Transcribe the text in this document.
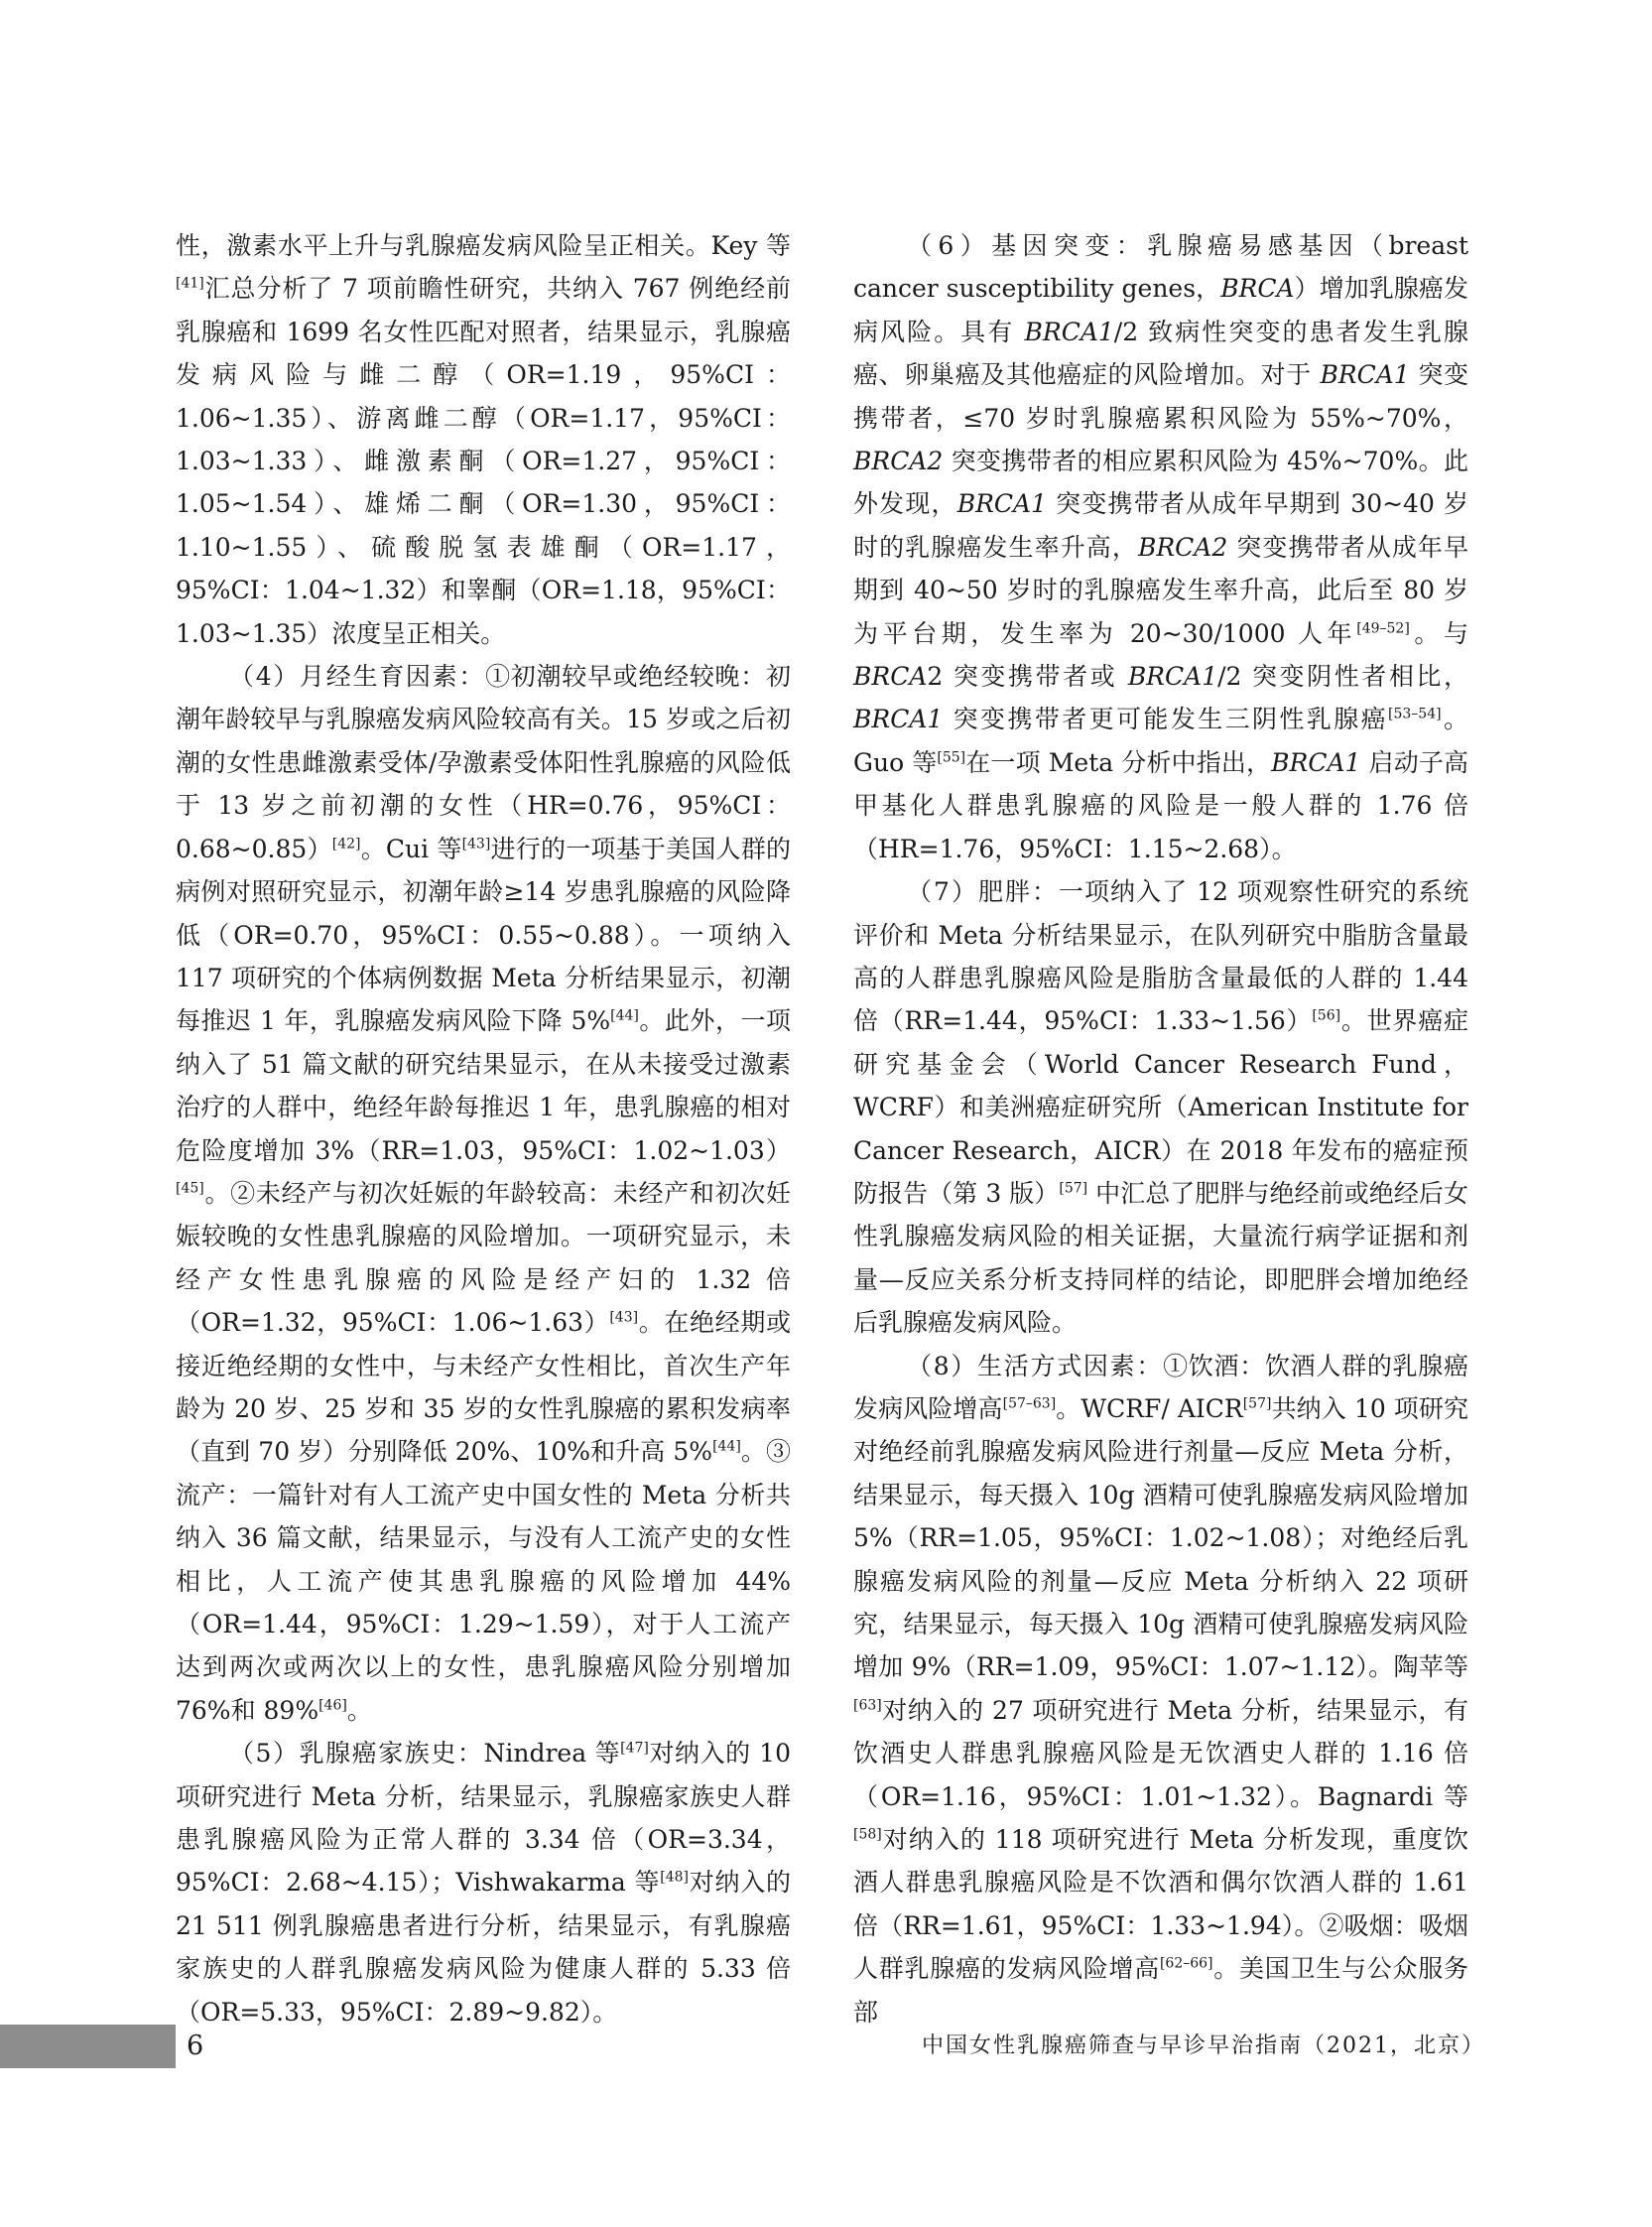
性，激素水平上升与乳腺癌发病风险呈正相关。Key 等[41]汇总分析了 7 项前瞻性研究，共纳入 767 例绝经前乳腺癌和 1699 名女性匹配对照者，结果显示，乳腺癌发病风险与雌二醇（OR=1.19，95%CI：1.06~1.35）、游离雌二醇（OR=1.17，95%CI：1.03~1.33）、雌激素酮（OR=1.27，95%CI：1.05~1.54）、雄烯二酮（OR=1.30，95%CI：1.10~1.55）、硫酸脱氢表雄酮（OR=1.17，95%CI：1.04~1.32）和睾酮（OR=1.18，95%CI：1.03~1.35）浓度呈正相关。

（4）月经生育因素：①初潮较早或绝经较晚：初潮年龄较早与乳腺癌发病风险较高有关。15 岁或之后初潮的女性患雌激素受体/孕激素受体阳性乳腺癌的风险低于 13 岁之前初潮的女性（HR=0.76，95%CI：0.68~0.85）[42]。Cui 等[43]进行的一项基于美国人群的病例对照研究显示，初潮年龄≥14 岁患乳腺癌的风险降低（OR=0.70，95%CI：0.55~0.88）。一项纳入 117 项研究的个体病例数据 Meta 分析结果显示，初潮每推迟 1 年，乳腺癌发病风险下降 5%[44]。此外，一项纳入了 51 篇文献的研究结果显示，在从未接受过激素治疗的人群中，绝经年龄每推迟 1 年，患乳腺癌的相对危险度增加 3%（RR=1.03，95%CI：1.02~1.03）[45]。②未经产与初次妊娠的年龄较高：未经产和初次妊娠较晚的女性患乳腺癌的风险增加。一项研究显示，未经产女性患乳腺癌的风险是经产妇的 1.32 倍（OR=1.32，95%CI：1.06~1.63）[43]。在绝经期或接近绝经期的女性中，与未经产女性相比，首次生产年龄为 20 岁、25 岁和 35 岁的女性乳腺癌的累积发病率（直到 70 岁）分别降低 20%、10%和升高 5%[44]。③流产：一篇针对有人工流产史中国女性的 Meta 分析共纳入 36 篇文献，结果显示，与没有人工流产史的女性相比，人工流产使其患乳腺癌的风险增加 44%（OR=1.44，95%CI：1.29~1.59），对于人工流产达到两次或两次以上的女性，患乳腺癌风险分别增加 76%和 89%[46]。

（5）乳腺癌家族史：Nindrea 等[47]对纳入的 10 项研究进行 Meta 分析，结果显示，乳腺癌家族史人群患乳腺癌风险为正常人群的 3.34 倍（OR=3.34，95%CI：2.68~4.15）；Vishwakarma 等[48]对纳入的 21 511 例乳腺癌患者进行分析，结果显示，有乳腺癌家族史的人群乳腺癌发病风险为健康人群的 5.33 倍（OR=5.33，95%CI：2.89~9.82）。

（6）基因突变：乳腺癌易感基因（breast cancer susceptibility genes，BRCA）增加乳腺癌发病风险。具有 BRCA1/2 致病性突变的患者发生乳腺癌、卵巢癌及其他癌症的风险增加。对于 BRCA1 突变携带者，≤70 岁时乳腺癌累积风险为 55%~70%，BRCA2 突变携带者的相应累积风险为 45%~70%。此外发现，BRCA1 突变携带者从成年早期到 30~40 岁时的乳腺癌发生率升高，BRCA2 突变携带者从成年早期到 40~50 岁时的乳腺癌发生率升高，此后至 80 岁为平台期，发生率为 20~30/1000 人年[49–52]。与 BRCA2 突变携带者或 BRCA1/2 突变阴性者相比，BRCA1 突变携带者更可能发生三阴性乳腺癌[53–54]。Guo 等[55]在一项 Meta 分析中指出，BRCA1 启动子高甲基化人群患乳腺癌的风险是一般人群的 1.76 倍（HR=1.76，95%CI：1.15~2.68）。

（7）肥胖：一项纳入了 12 项观察性研究的系统评价和 Meta 分析结果显示，在队列研究中脂肪含量最高的人群患乳腺癌风险是脂肪含量最低的人群的 1.44 倍（RR=1.44，95%CI：1.33~1.56）[56]。世界癌症研究基金会（World Cancer Research Fund，WCRF）和美洲癌症研究所（American Institute for Cancer Research，AICR）在 2018 年发布的癌症预防报告（第 3 版）[57] 中汇总了肥胖与绝经前或绝经后女性乳腺癌发病风险的相关证据，大量流行病学证据和剂量—反应关系分析支持同样的结论，即肥胖会增加绝经后乳腺癌发病风险。

（8）生活方式因素：①饮酒：饮酒人群的乳腺癌发病风险增高[57–63]。WCRF/ AICR[57]共纳入 10 项研究对绝经前乳腺癌发病风险进行剂量—反应 Meta 分析，结果显示，每天摄入 10g 酒精可使乳腺癌发病风险增加 5%（RR=1.05，95%CI：1.02~1.08）；对绝经后乳腺癌发病风险的剂量—反应 Meta 分析纳入 22 项研究，结果显示，每天摄入 10g 酒精可使乳腺癌发病风险增加 9%（RR=1.09，95%CI：1.07~1.12）。陶苹等[63]对纳入的 27 项研究进行 Meta 分析，结果显示，有饮酒史人群患乳腺癌风险是无饮酒史人群的 1.16 倍（OR=1.16，95%CI：1.01~1.32）。Bagnardi 等[58]对纳入的 118 项研究进行 Meta 分析发现，重度饮酒人群患乳腺癌风险是不饮酒和偶尔饮酒人群的 1.61 倍（RR=1.61，95%CI：1.33~1.94）。②吸烟：吸烟人群乳腺癌的发病风险增高[62–66]。美国卫生与公众服务部

6	中国女性乳腺癌筛查与早诊早治指南（2021，北京）
